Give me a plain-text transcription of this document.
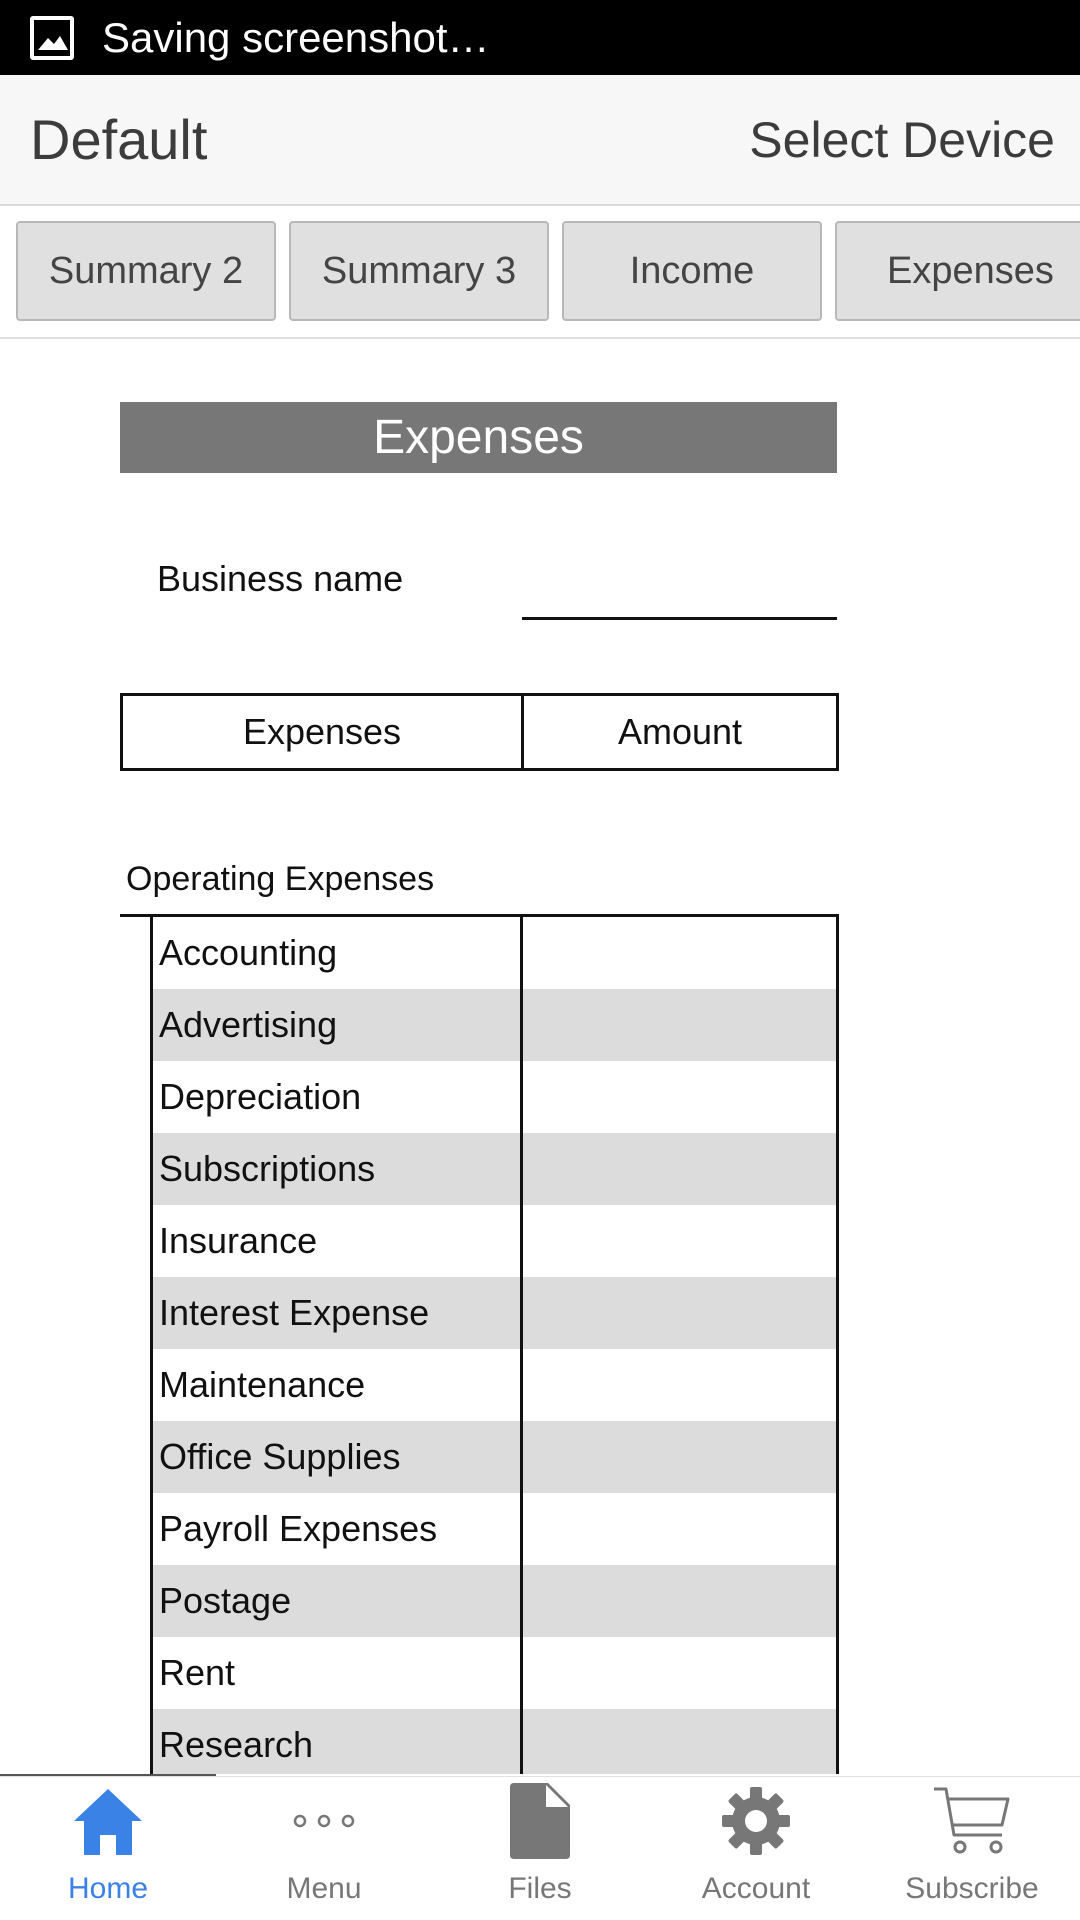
Saving screenshot…
Default	Select Device
Summary 2	Summary 3	Income	Expenses
Expenses
Business name
Expenses	Amount
Operating Expenses
Accounting
Advertising
Depreciation
Subscriptions
Insurance
Interest Expense
Maintenance
Office Supplies
Payroll Expenses
Postage
Rent
Research
Home	Menu	Files	Account	Subscribe
